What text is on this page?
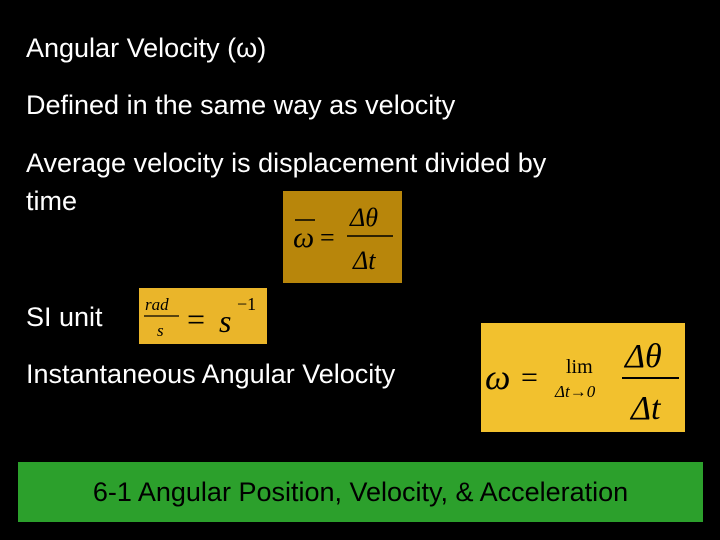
Angular Velocity (ω)
Defined in the same way as velocity
Average velocity is displacement divided by
time
SI unit
Instantaneous Angular Velocity
ω =
Δθ
Δt
rad
s = s −1
ω = lim
Δt→0
Δθ
Δt
6-1 Angular Position, Velocity, & Acceleration
